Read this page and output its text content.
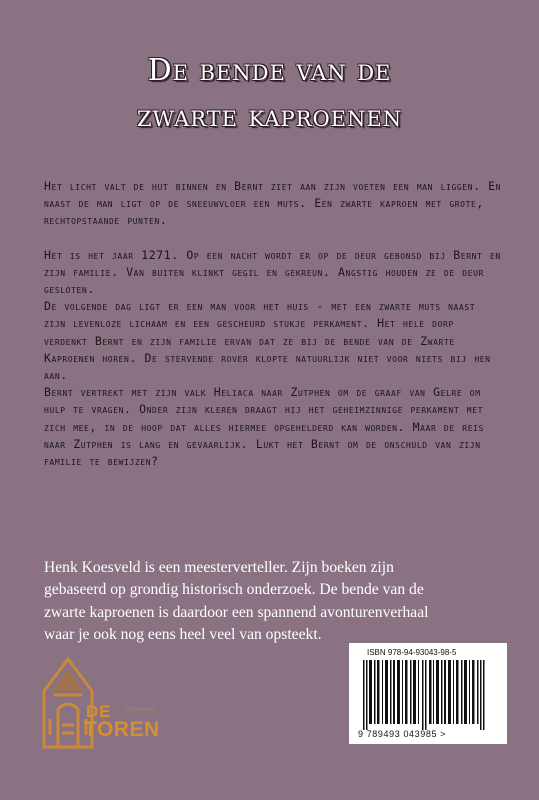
De bende van de
zwarte kaproenen

Het licht valt de hut binnen en Bernt ziet aan zijn voeten een man liggen. En naast de man ligt op de sneeuwvloer een muts. Een zwarte kaproen met grote, rechtopstaande punten.

Het is het jaar 1271. Op een nacht wordt er op de deur gebonsd bij Bernt en zijn familie. Van buiten klinkt gegil en gekreun. Angstig houden ze de deur gesloten.

De volgende dag ligt er een man voor het huis - met een zwarte muts naast zijn levenloze lichaam en een gescheurd stukje perkament. Het hele dorp verdenkt Bernt en zijn familie ervan dat ze bij de bende van de Zwarte Kaproenen horen. De stervende rover klopte natuurlijk niet voor niets bij hen aan.

Bernt vertrekt met zijn valk Heliaca naar Zutphen om de graaf van Gelre om hulp te vragen. Onder zijn kleren draagt hij het geheimzinnige perkament met zich mee, in de hoop dat alles hiermee opgehelderd kan worden. Maar de reis naar Zutphen is lang en gevaarlijk. Lukt het Bernt om de onschuld van zijn familie te bewijzen?

Henk Koesveld is een meesterverteller. Zijn boeken zijn
gebaseerd op grondig historisch onderzoek. De bende van de
zwarte kaproenen is daardoor een spannend avonturenverhaal
waar je ook nog eens heel veel van opsteekt.
UITGEVERIJ
DE
TOREN
ISBN 978-94-93043-98-5
9 789493 043985 >
